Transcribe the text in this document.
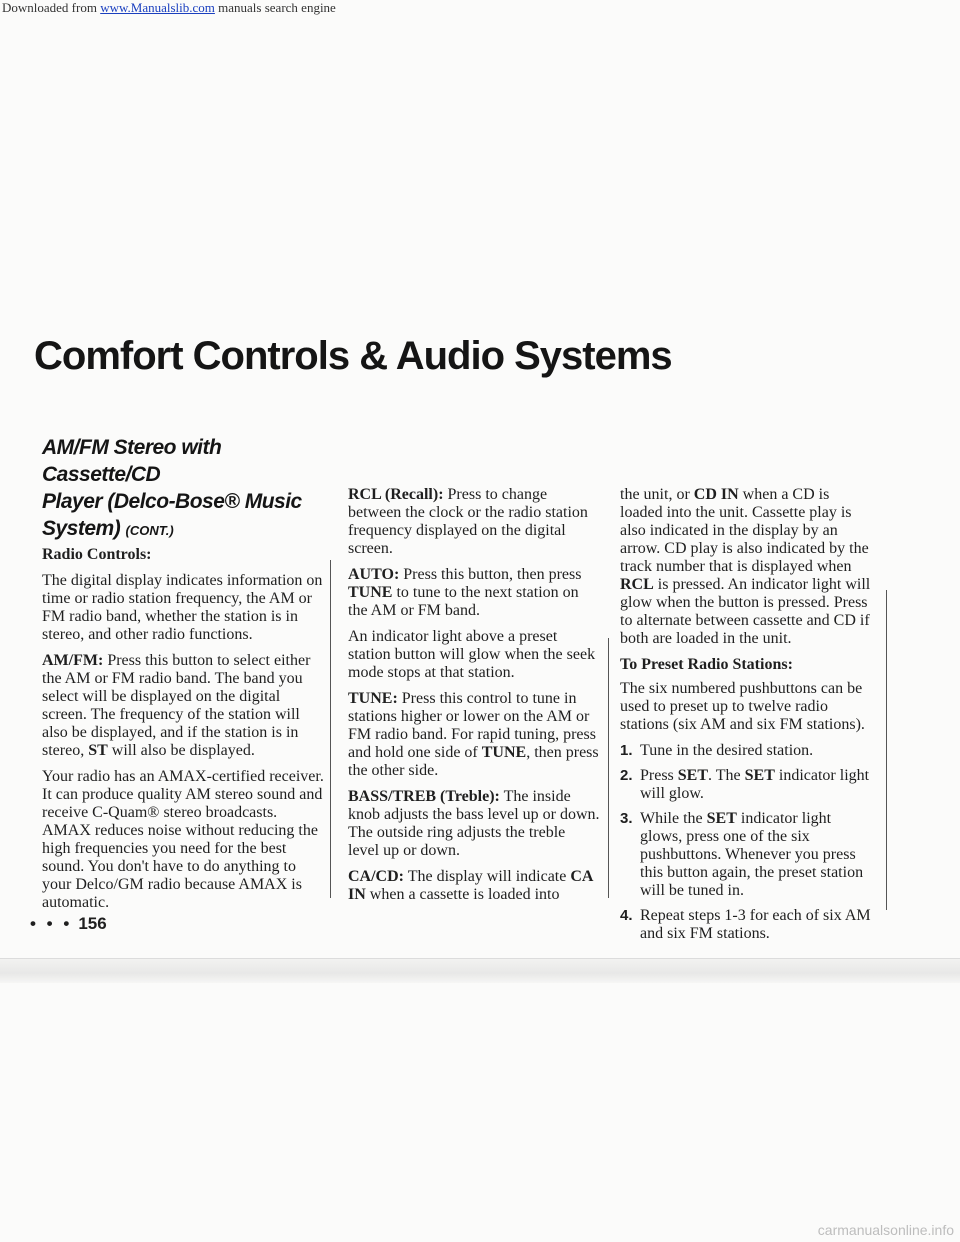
Downloaded from www.Manualslib.com manuals search engine
Comfort Controls & Audio Systems
AM/FM Stereo with Cassette/CD
Player (Delco-Bose® Music
System) (CONT.)

Radio Controls:

The digital display indicates information on time or radio station frequency, the AM or FM radio band, whether the station is in stereo, and other radio functions.

AM/FM: Press this button to select either the AM or FM radio band. The band you select will be displayed on the digital screen. The frequency of the station will also be displayed, and if the station is in stereo, ST will also be displayed.

Your radio has an AMAX-certified receiver. It can produce quality AM stereo sound and receive C-Quam® stereo broadcasts. AMAX reduces noise without reducing the high frequencies you need for the best sound. You don't have to do anything to your Delco/GM radio because AMAX is automatic.

RCL (Recall): Press to change between the clock or the radio station frequency displayed on the digital screen.

AUTO: Press this button, then press TUNE to tune to the next station on the AM or FM band.

An indicator light above a preset station button will glow when the seek mode stops at that station.

TUNE: Press this control to tune in stations higher or lower on the AM or FM radio band. For rapid tuning, press and hold one side of TUNE, then press the other side.

BASS/TREB (Treble): The inside knob adjusts the bass level up or down. The outside ring adjusts the treble level up or down.

CA/CD: The display will indicate CA IN when a cassette is loaded into

the unit, or CD IN when a CD is loaded into the unit. Cassette play is also indicated in the display by an arrow. CD play is also indicated by the track number that is displayed when RCL is pressed. An indicator light will glow when the button is pressed. Press to alternate between cassette and CD if both are loaded in the unit.

To Preset Radio Stations:

The six numbered pushbuttons can be used to preset up to twelve radio stations (six AM and six FM stations).

1. Tune in the desired station.
2. Press SET. The SET indicator light will glow.
3. While the SET indicator light glows, press one of the six pushbuttons. Whenever you press this button again, the preset station will be tuned in.
4. Repeat steps 1-3 for each of six AM and six FM stations.
• • • 156
carmanualsonline.info
